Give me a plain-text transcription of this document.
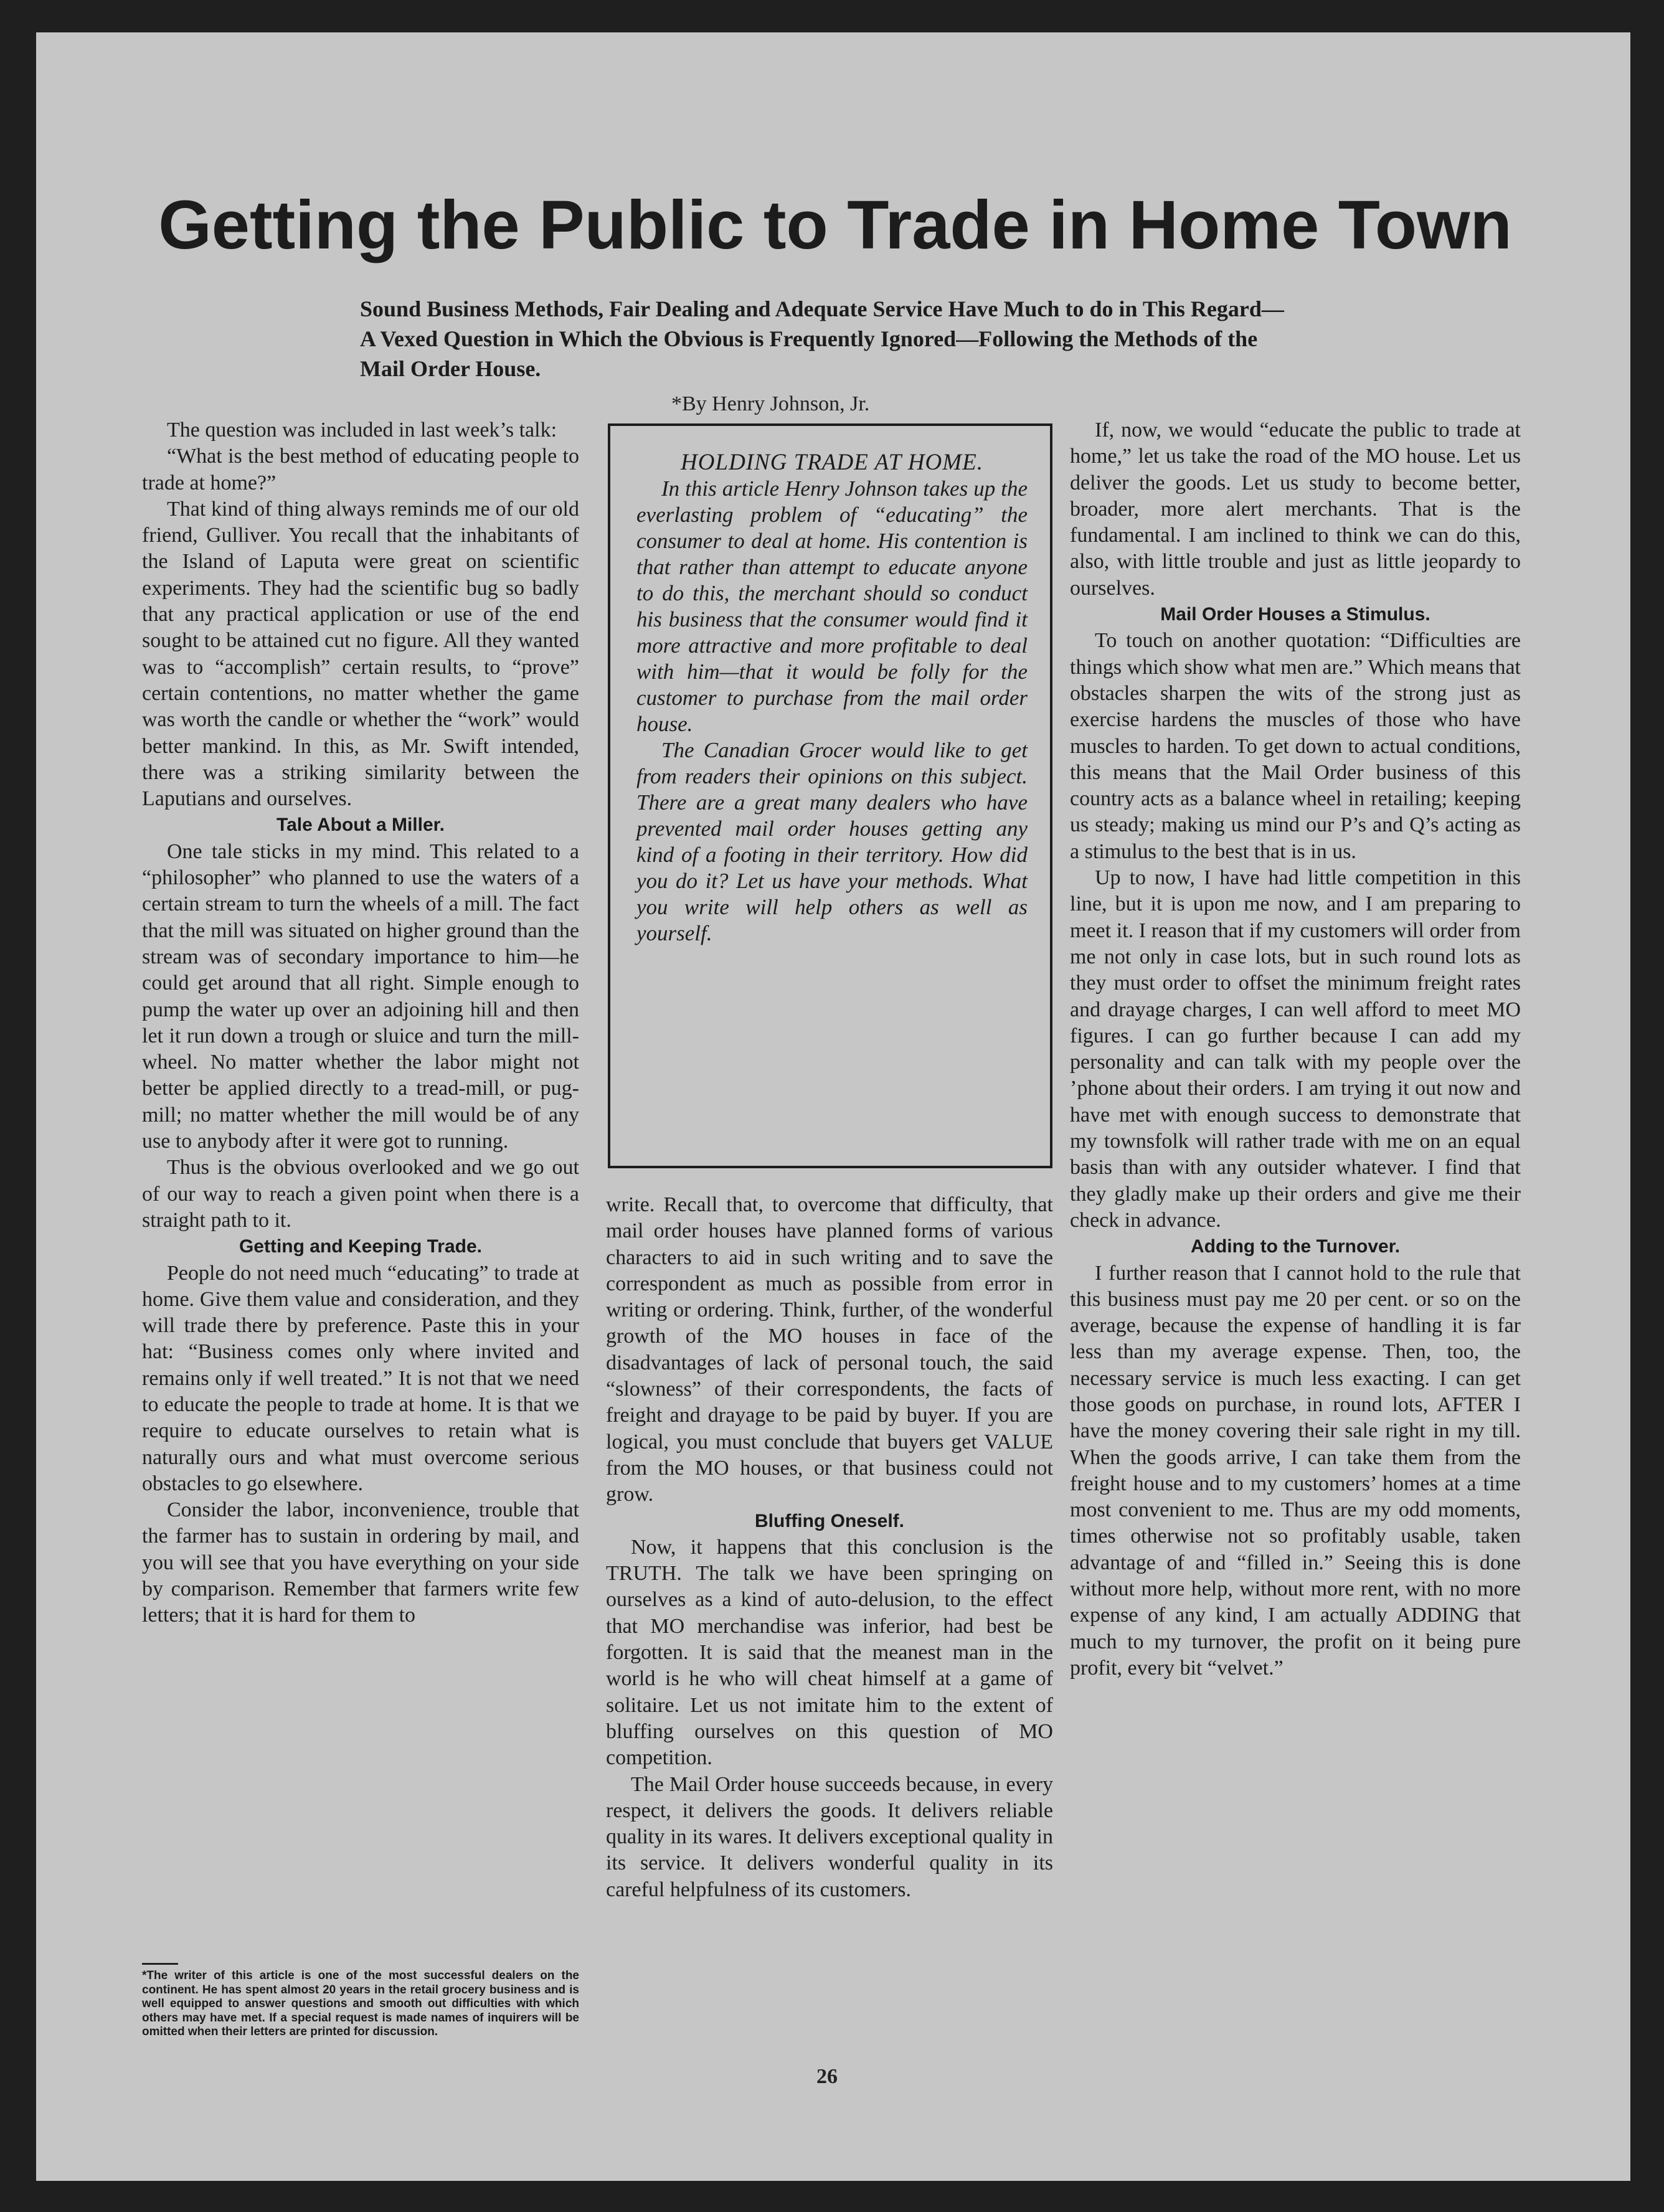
Getting the Public to Trade in Home Town

Sound Business Methods, Fair Dealing and Adequate Service Have Much to do in This Regard—A Vexed Question in Which the Obvious is Frequently Ignored—Following the Methods of the Mail Order House.

*By Henry Johnson, Jr.

The question was included in last week’s talk:

“What is the best method of educating people to trade at home?”

That kind of thing always reminds me of our old friend, Gulliver. You recall that the inhabitants of the Island of Laputa were great on scientific experiments. They had the scientific bug so badly that any practical application or use of the end sought to be attained cut no figure. All they wanted was to “accomplish” certain results, to “prove” certain contentions, no matter whether the game was worth the candle or whether the “work” would better mankind. In this, as Mr. Swift intended, there was a striking similarity between the Laputians and ourselves.

Tale About a Miller.

One tale sticks in my mind. This related to a “philosopher” who planned to use the waters of a certain stream to turn the wheels of a mill. The fact that the mill was situated on higher ground than the stream was of secondary importance to him—he could get around that all right. Simple enough to pump the water up over an adjoining hill and then let it run down a trough or sluice and turn the mill-wheel. No matter whether the labor might not better be applied directly to a tread-mill, or pug-mill; no matter whether the mill would be of any use to anybody after it were got to running.

Thus is the obvious overlooked and we go out of our way to reach a given point when there is a straight path to it.

Getting and Keeping Trade.

People do not need much “educating” to trade at home. Give them value and consideration, and they will trade there by preference. Paste this in your hat: “Business comes only where invited and remains only if well treated.” It is not that we need to educate the people to trade at home. It is that we require to educate ourselves to retain what is naturally ours and what must overcome serious obstacles to go elsewhere.

Consider the labor, inconvenience, trouble that the farmer has to sustain in ordering by mail, and you will see that you have everything on your side by comparison. Remember that farmers write few letters; that it is hard for them to

HOLDING TRADE AT HOME.

In this article Henry Johnson takes up the everlasting problem of “educating” the consumer to deal at home. His contention is that rather than attempt to educate anyone to do this, the merchant should so conduct his business that the consumer would find it more attractive and more profitable to deal with him—that it would be folly for the customer to purchase from the mail order house.

The Canadian Grocer would like to get from readers their opinions on this subject. There are a great many dealers who have prevented mail order houses getting any kind of a footing in their territory. How did you do it? Let us have your methods. What you write will help others as well as yourself.

write. Recall that, to overcome that difficulty, that mail order houses have planned forms of various characters to aid in such writing and to save the correspondent as much as possible from error in writing or ordering. Think, further, of the wonderful growth of the MO houses in face of the disadvantages of lack of personal touch, the said “slowness” of their correspondents, the facts of freight and drayage to be paid by buyer. If you are logical, you must conclude that buyers get VALUE from the MO houses, or that business could not grow.

Bluffing Oneself.

Now, it happens that this conclusion is the TRUTH. The talk we have been springing on ourselves as a kind of auto-delusion, to the effect that MO merchandise was inferior, had best be forgotten. It is said that the meanest man in the world is he who will cheat himself at a game of solitaire. Let us not imitate him to the extent of bluffing ourselves on this question of MO competition.

The Mail Order house succeeds because, in every respect, it delivers the goods. It delivers reliable quality in its wares. It delivers exceptional quality in its service. It delivers wonderful quality in its careful helpfulness of its customers.

If, now, we would “educate the public to trade at home,” let us take the road of the MO house. Let us deliver the goods. Let us study to become better, broader, more alert merchants. That is the fundamental. I am inclined to think we can do this, also, with little trouble and just as little jeopardy to ourselves.

Mail Order Houses a Stimulus.

To touch on another quotation: “Difficulties are things which show what men are.” Which means that obstacles sharpen the wits of the strong just as exercise hardens the muscles of those who have muscles to harden. To get down to actual conditions, this means that the Mail Order business of this country acts as a balance wheel in retailing; keeping us steady; making us mind our P’s and Q’s acting as a stimulus to the best that is in us.

Up to now, I have had little competition in this line, but it is upon me now, and I am preparing to meet it. I reason that if my customers will order from me not only in case lots, but in such round lots as they must order to offset the minimum freight rates and drayage charges, I can well afford to meet MO figures. I can go further because I can add my personality and can talk with my people over the ’phone about their orders. I am trying it out now and have met with enough success to demonstrate that my townsfolk will rather trade with me on an equal basis than with any outsider whatever. I find that they gladly make up their orders and give me their check in advance.

Adding to the Turnover.

I further reason that I cannot hold to the rule that this business must pay me 20 per cent. or so on the average, because the expense of handling it is far less than my average expense. Then, too, the necessary service is much less exacting. I can get those goods on purchase, in round lots, AFTER I have the money covering their sale right in my till. When the goods arrive, I can take them from the freight house and to my customers’ homes at a time most convenient to me. Thus are my odd moments, times otherwise not so profitably usable, taken advantage of and “filled in.” Seeing this is done without more help, without more rent, with no more expense of any kind, I am actually ADDING that much to my turnover, the profit on it being pure profit, every bit “velvet.”

*The writer of this article is one of the most successful dealers on the continent. He has spent almost 20 years in the retail grocery business and is well equipped to answer questions and smooth out difficulties with which others may have met. If a special request is made names of inquirers will be omitted when their letters are printed for discussion.

26
